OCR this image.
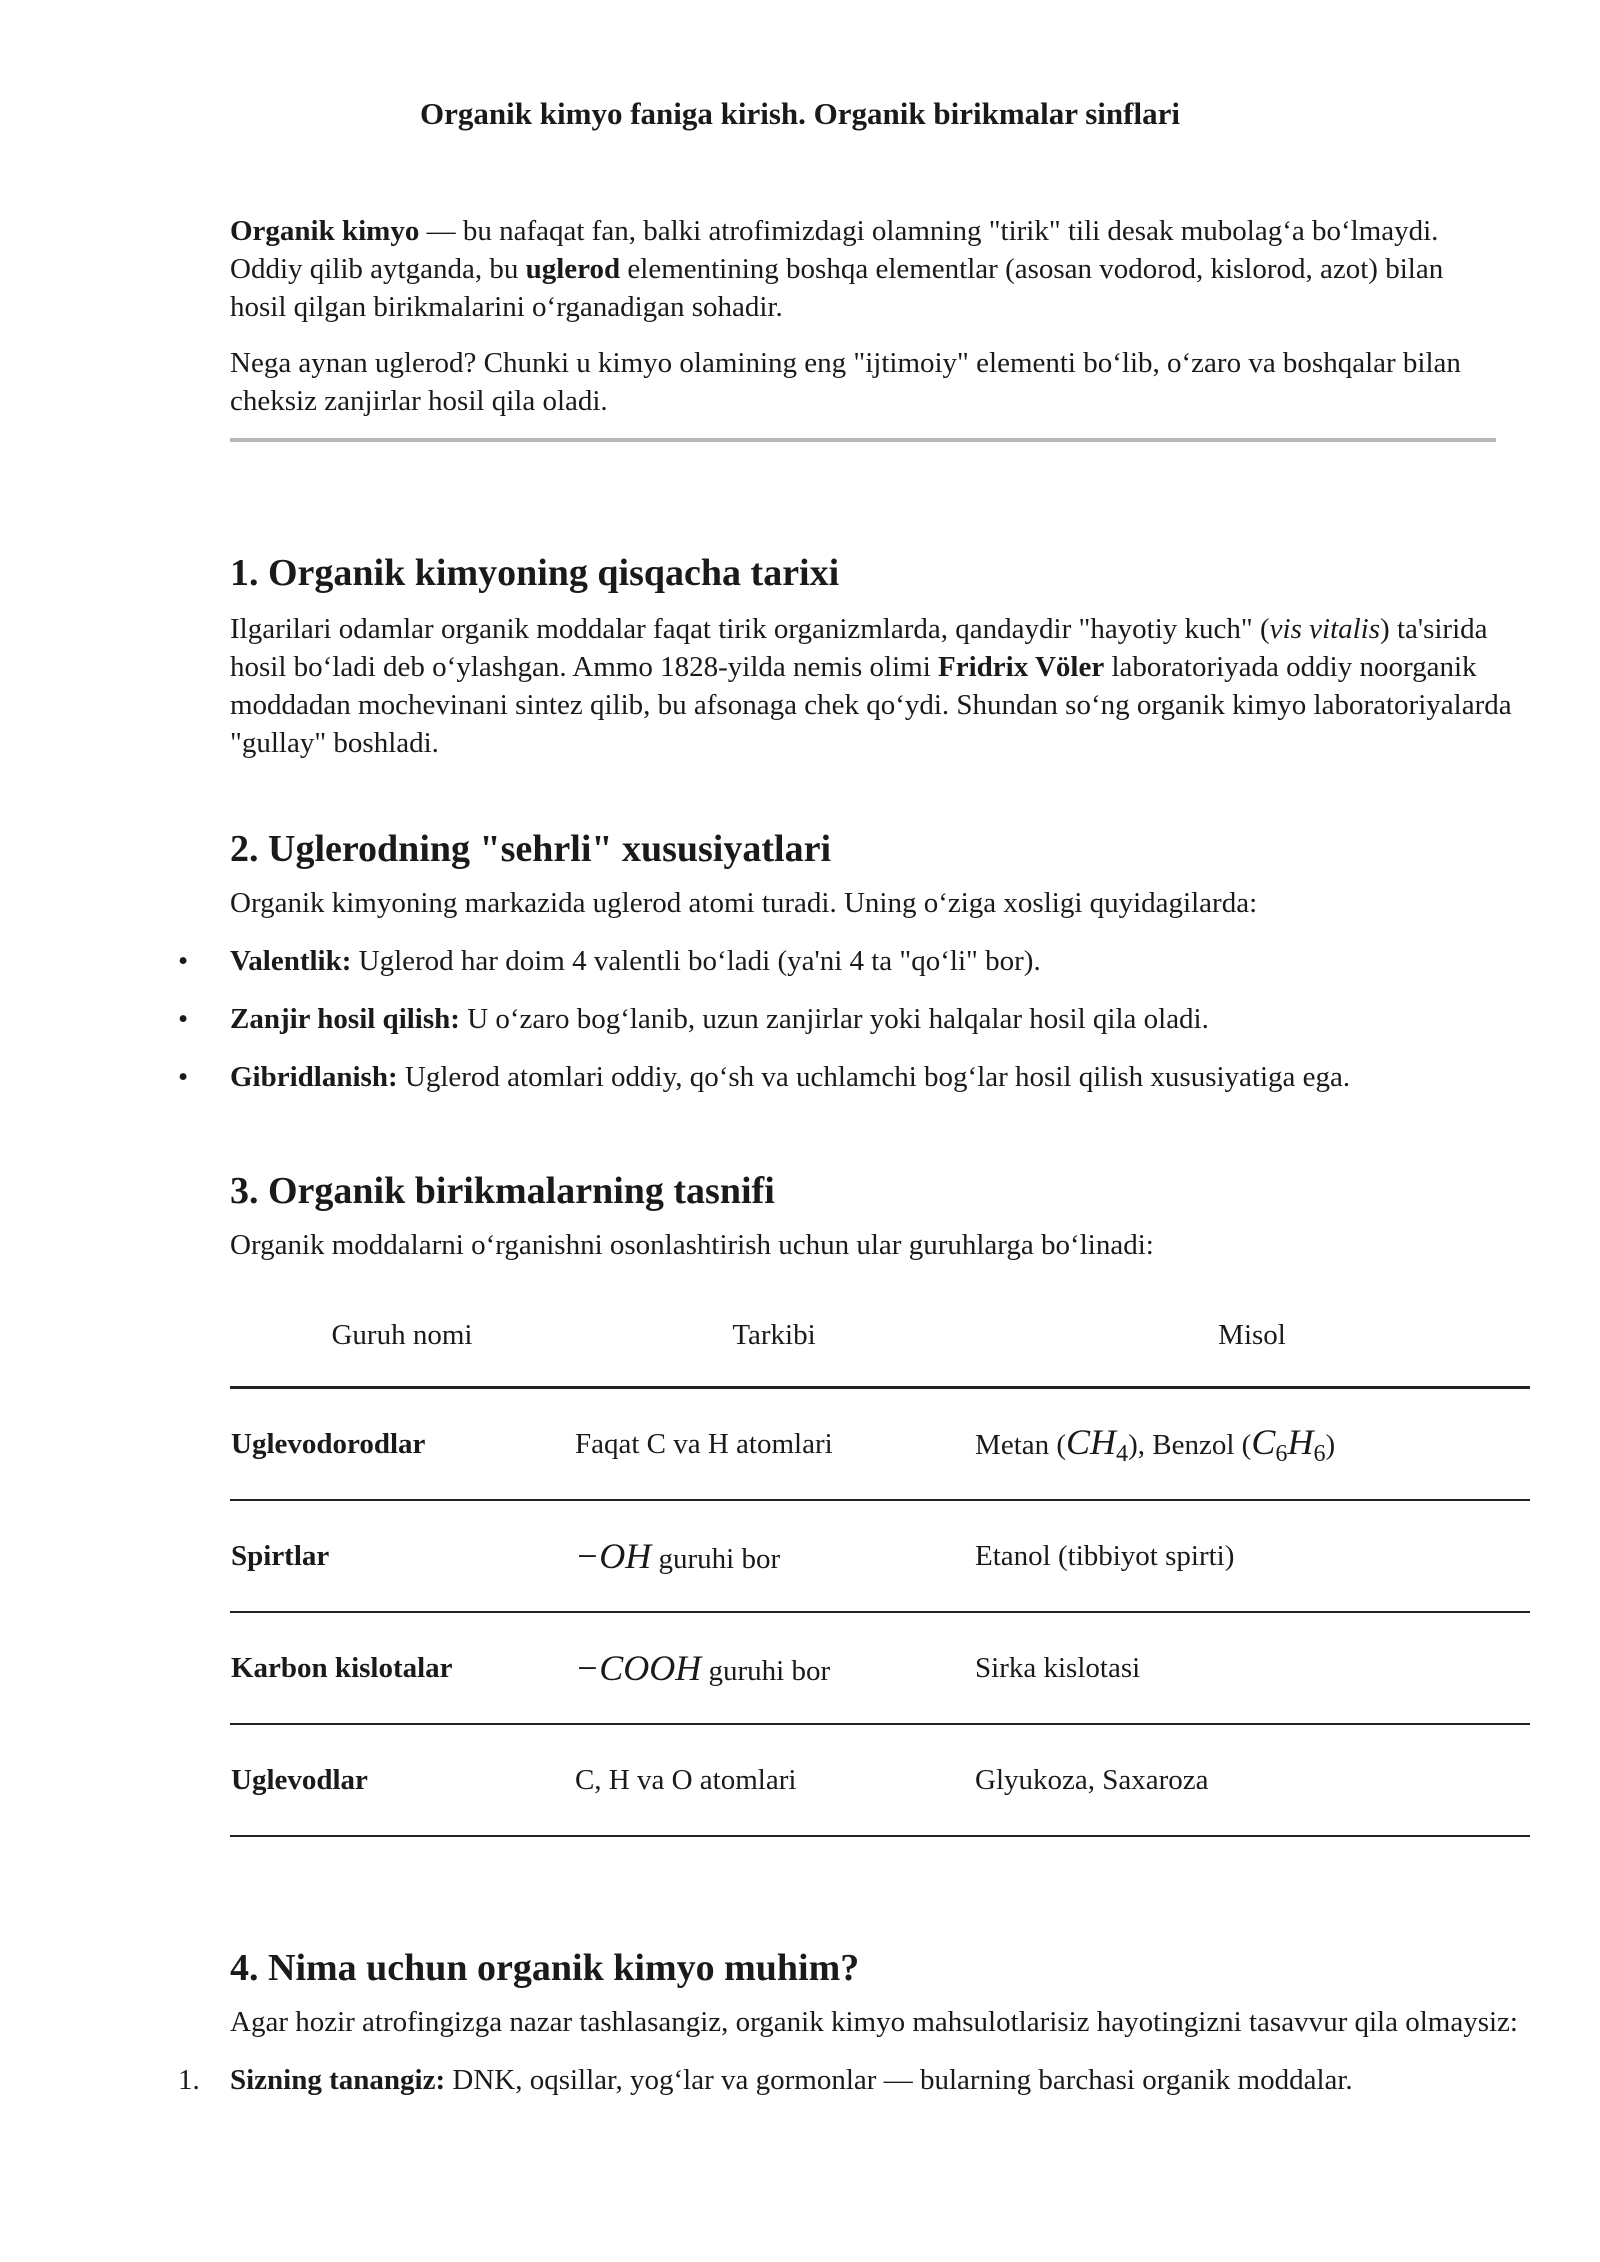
Organik kimyo faniga kirish. Organik birikmalar sinflari

Organik kimyo — bu nafaqat fan, balki atrofimizdagi olamning "tirik" tili desak mubolag‘a bo‘lmaydi. Oddiy qilib aytganda, bu uglerod elementining boshqa elementlar (asosan vodorod, kislorod, azot) bilan hosil qilgan birikmalarini o‘rganadigan sohadir.

Nega aynan uglerod? Chunki u kimyo olamining eng "ijtimoiy" elementi bo‘lib, o‘zaro va boshqalar bilan cheksiz zanjirlar hosil qila oladi.

1. Organik kimyoning qisqacha tarixi

Ilgarilari odamlar organik moddalar faqat tirik organizmlarda, qandaydir "hayotiy kuch" (vis vitalis) ta'sirida hosil bo‘ladi deb o‘ylashgan. Ammo 1828-yilda nemis olimi Fridrix Völer laboratoriyada oddiy noorganik moddadan mochevinani sintez qilib, bu afsonaga chek qo‘ydi. Shundan so‘ng organik kimyo laboratoriyalarda "gullay" boshladi.

2. Uglerodning "sehrli" xususiyatlari

Organik kimyoning markazida uglerod atomi turadi. Uning o‘ziga xosligi quyidagilarda:

• Valentlik: Uglerod har doim 4 valentli bo‘ladi (ya'ni 4 ta "qo‘li" bor).
• Zanjir hosil qilish: U o‘zaro bog‘lanib, uzun zanjirlar yoki halqalar hosil qila oladi.
• Gibridlanish: Uglerod atomlari oddiy, qo‘sh va uchlamchi bog‘lar hosil qilish xususiyatiga ega.
3. Organik birikmalarning tasnifi

Organik moddalarni o‘rganishni osonlashtirish uchun ular guruhlarga bo‘linadi:

Guruh nomi	Tarkibi	Misol
Uglevodorodlar	Faqat C va H atomlari	Metan $(CH_4)$, Benzol $(C_6H_6)$
Spirtlar	−OH guruhi bor	Etanol (tibbiyot spirti)
Karbon kislotalar	−COOH guruhi bor	Sirka kislotasi
Uglevodlar	C, H va O atomlari	Glyukoza, Saxaroza
4. Nima uchun organik kimyo muhim?

Agar hozir atrofingizga nazar tashlasangiz, organik kimyo mahsulotlarisiz hayotingizni tasavvur qila olmaysiz:

1. Sizning tanangiz: DNK, oqsillar, yog‘lar va gormonlar — bularning barchasi organik moddalar.
